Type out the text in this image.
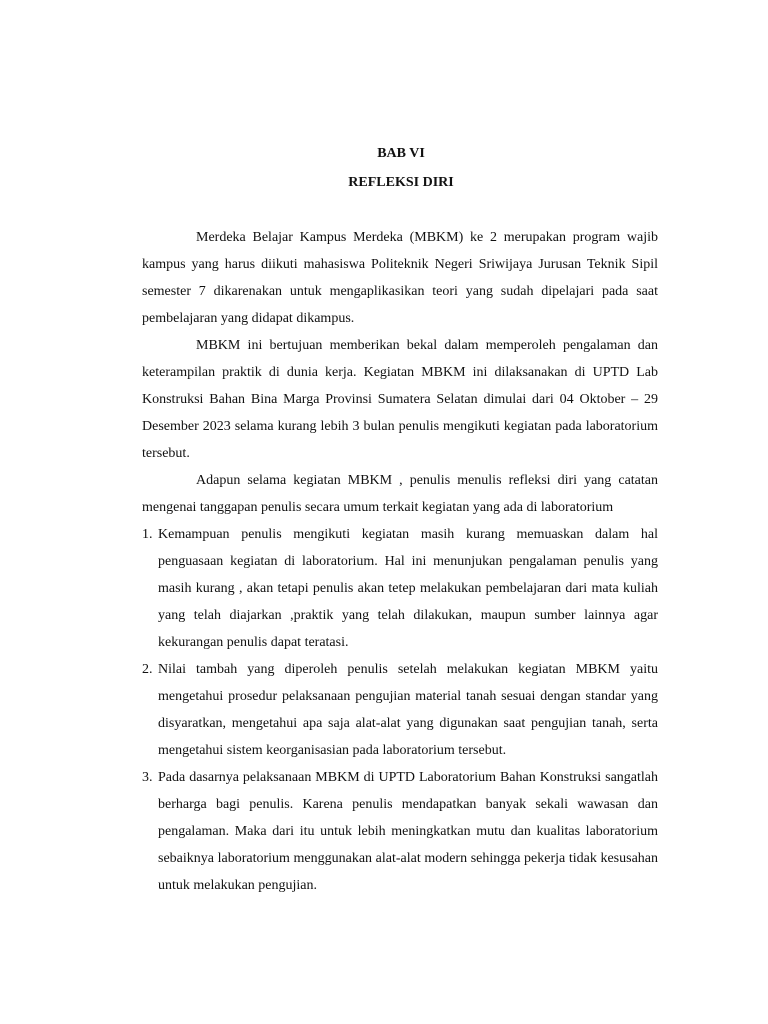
BAB VI
REFLEKSI DIRI

Merdeka Belajar Kampus Merdeka (MBKM) ke 2 merupakan program wajib kampus yang harus diikuti mahasiswa Politeknik Negeri Sriwijaya Jurusan Teknik Sipil semester 7 dikarenakan untuk mengaplikasikan teori yang sudah dipelajari pada saat pembelajaran yang didapat dikampus.

MBKM ini bertujuan memberikan bekal dalam memperoleh pengalaman dan keterampilan praktik di dunia kerja. Kegiatan MBKM ini dilaksanakan di UPTD Lab Konstruksi Bahan Bina Marga Provinsi Sumatera Selatan dimulai dari 04 Oktober – 29 Desember 2023 selama kurang lebih 3 bulan penulis mengikuti kegiatan pada laboratorium tersebut.

Adapun selama kegiatan MBKM , penulis menulis refleksi diri yang catatan mengenai tanggapan penulis secara umum terkait kegiatan yang ada di laboratorium

1. Kemampuan penulis mengikuti kegiatan masih kurang memuaskan dalam hal penguasaan kegiatan di laboratorium. Hal ini menunjukan pengalaman penulis yang masih kurang , akan tetapi penulis akan tetep melakukan pembelajaran dari mata kuliah yang telah diajarkan ,praktik yang telah dilakukan, maupun sumber lainnya agar kekurangan penulis dapat teratasi.
2. Nilai tambah yang diperoleh penulis setelah melakukan kegiatan MBKM yaitu mengetahui prosedur pelaksanaan pengujian material tanah sesuai dengan standar yang disyaratkan, mengetahui apa saja alat-alat yang digunakan saat pengujian tanah, serta mengetahui sistem keorganisasian pada laboratorium tersebut.
3. Pada dasarnya pelaksanaan MBKM di UPTD Laboratorium Bahan Konstruksi sangatlah berharga bagi penulis. Karena penulis mendapatkan banyak sekali wawasan dan pengalaman. Maka dari itu untuk lebih meningkatkan mutu dan kualitas laboratorium sebaiknya laboratorium menggunakan alat-alat modern sehingga pekerja tidak kesusahan untuk melakukan pengujian.
